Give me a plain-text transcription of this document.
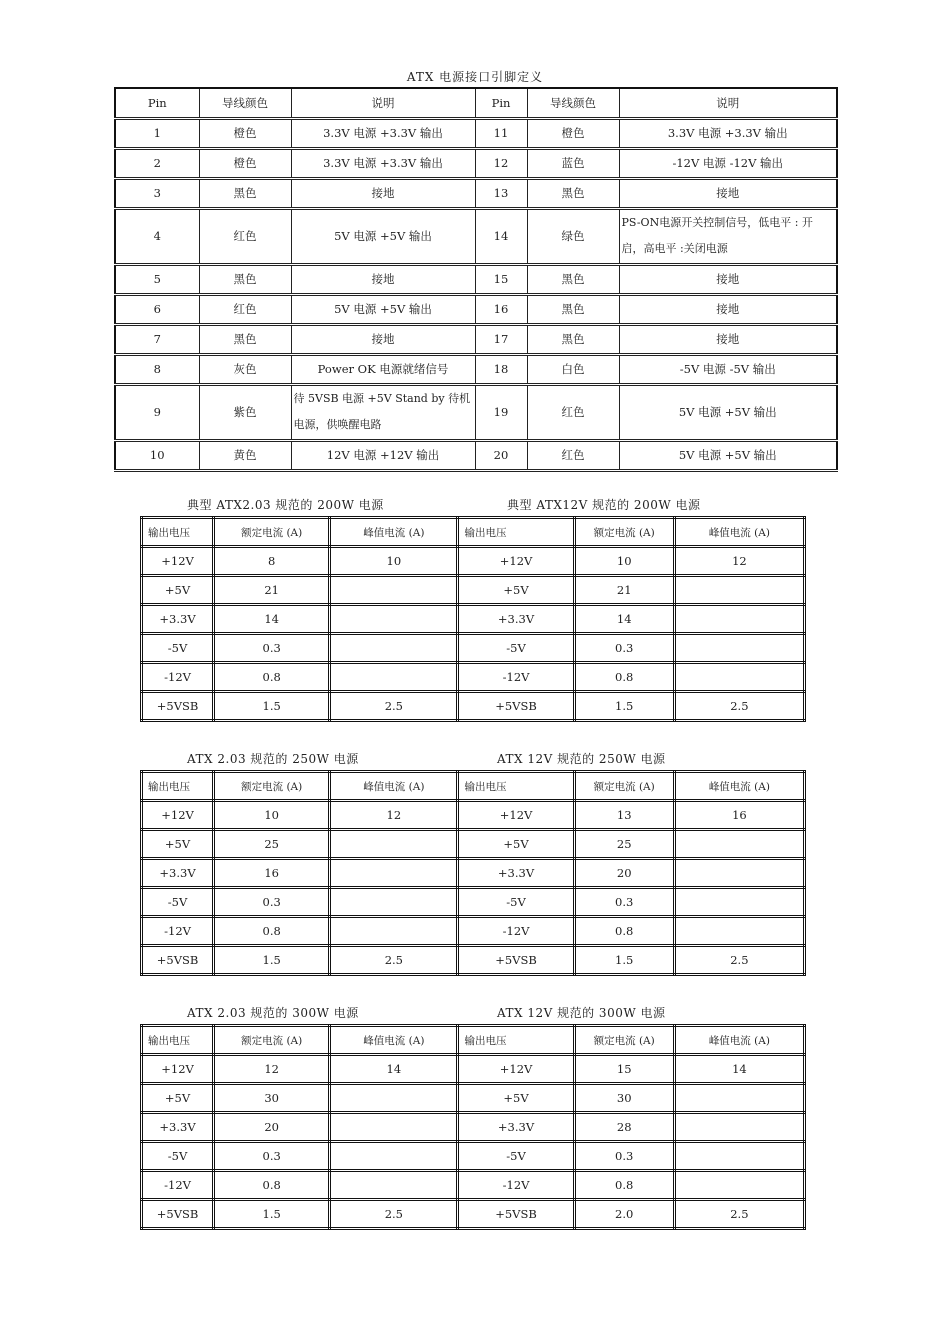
ATX 电源接口引脚定义
Pin	导线颜色	说明	Pin	导线颜色	说明
1	橙色	3.3V 电源 +3.3V 输出	11	橙色	3.3V 电源 +3.3V 输出
2	橙色	3.3V 电源 +3.3V 输出	12	蓝色	-12V 电源 -12V 输出
3	黑色	接地	13	黑色	接地
4	红色	5V 电源 +5V 输出	14	绿色	PS-ON电源开关控制信号，低电平 : 开启，高电平 :关闭电源
5	黑色	接地	15	黑色	接地
6	红色	5V 电源 +5V 输出	16	黑色	接地
7	黑色	接地	17	黑色	接地
8	灰色	Power OK 电源就绪信号	18	白色	-5V 电源 -5V 输出
9	紫色	待 5VSB 电源 +5V Stand by 待机电源，供唤醒电路	19	红色	5V 电源 +5V 输出
10	黄色	12V 电源 +12V 输出	20	红色	5V 电源 +5V 输出
典型 ATX2.03 规范的 200W 电源	典型 ATX12V 规范的 200W 电源
输出电压	额定电流 (A)	峰值电流 (A)	输出电压	额定电流 (A)	峰值电流 (A)
+12V	8	10	+12V	10	12
+5V	21		+5V	21	
+3.3V	14		+3.3V	14	
-5V	0.3		-5V	0.3	
-12V	0.8		-12V	0.8	
+5VSB	1.5	2.5	+5VSB	1.5	2.5
ATX 2.03 规范的 250W 电源	ATX 12V 规范的 250W 电源
输出电压	额定电流 (A)	峰值电流 (A)	输出电压	额定电流 (A)	峰值电流 (A)
+12V	10	12	+12V	13	16
+5V	25		+5V	25	
+3.3V	16		+3.3V	20	
-5V	0.3		-5V	0.3	
-12V	0.8		-12V	0.8	
+5VSB	1.5	2.5	+5VSB	1.5	2.5
ATX 2.03 规范的 300W 电源	ATX 12V 规范的 300W 电源
输出电压	额定电流 (A)	峰值电流 (A)	输出电压	额定电流 (A)	峰值电流 (A)
+12V	12	14	+12V	15	14
+5V	30		+5V	30	
+3.3V	20		+3.3V	28	
-5V	0.3		-5V	0.3	
-12V	0.8		-12V	0.8	
+5VSB	1.5	2.5	+5VSB	2.0	2.5
